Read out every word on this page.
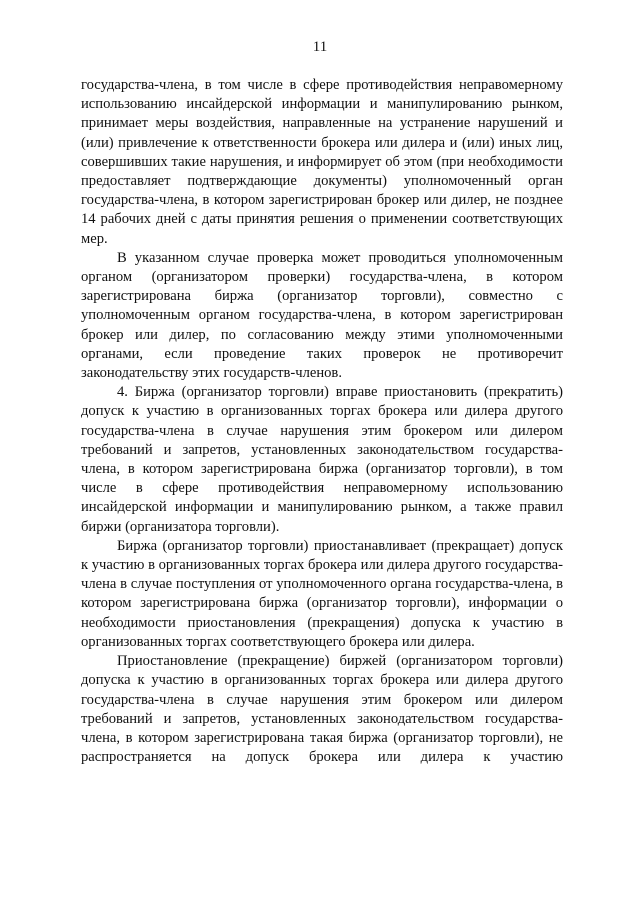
11

государства-члена, в том числе в сфере противодействия неправомерному использованию инсайдерской информации и манипулированию рынком, принимает меры воздействия, направленные на устранение нарушений и (или) привлечение к ответственности брокера или дилера и (или) иных лиц, совершивших такие нарушения, и информирует об этом (при необходимости предоставляет подтверждающие документы) уполномоченный орган государства-члена, в котором зарегистрирован брокер или дилер, не позднее 14 рабочих дней с даты принятия решения о применении соответствующих мер.

В указанном случае проверка может проводиться уполномоченным органом (организатором проверки) государства-члена, в котором зарегистрирована биржа (организатор торговли), совместно с уполномоченным органом государства-члена, в котором зарегистрирован брокер или дилер, по согласованию между этими уполномоченными органами, если проведение таких проверок не противоречит законодательству этих государств-членов.

4. Биржа (организатор торговли) вправе приостановить (прекратить) допуск к участию в организованных торгах брокера или дилера другого государства-члена в случае нарушения этим брокером или дилером требований и запретов, установленных законодательством государства-члена, в котором зарегистрирована биржа (организатор торговли), в том числе в сфере противодействия неправомерному использованию инсайдерской информации и манипулированию рынком, а также правил биржи (организатора торговли).

Биржа (организатор торговли) приостанавливает (прекращает) допуск к участию в организованных торгах брокера или дилера другого государства-члена в случае поступления от уполномоченного органа государства-члена, в котором зарегистрирована биржа (организатор торговли), информации о необходимости приостановления (прекращения) допуска к участию в организованных торгах соответствующего брокера или дилера.

Приостановление (прекращение) биржей (организатором торговли) допуска к участию в организованных торгах брокера или дилера другого государства-члена в случае нарушения этим брокером или дилером требований и запретов, установленных законодательством государства-члена, в котором зарегистрирована такая биржа (организатор торговли), не распространяется на допуск брокера или дилера к участию
